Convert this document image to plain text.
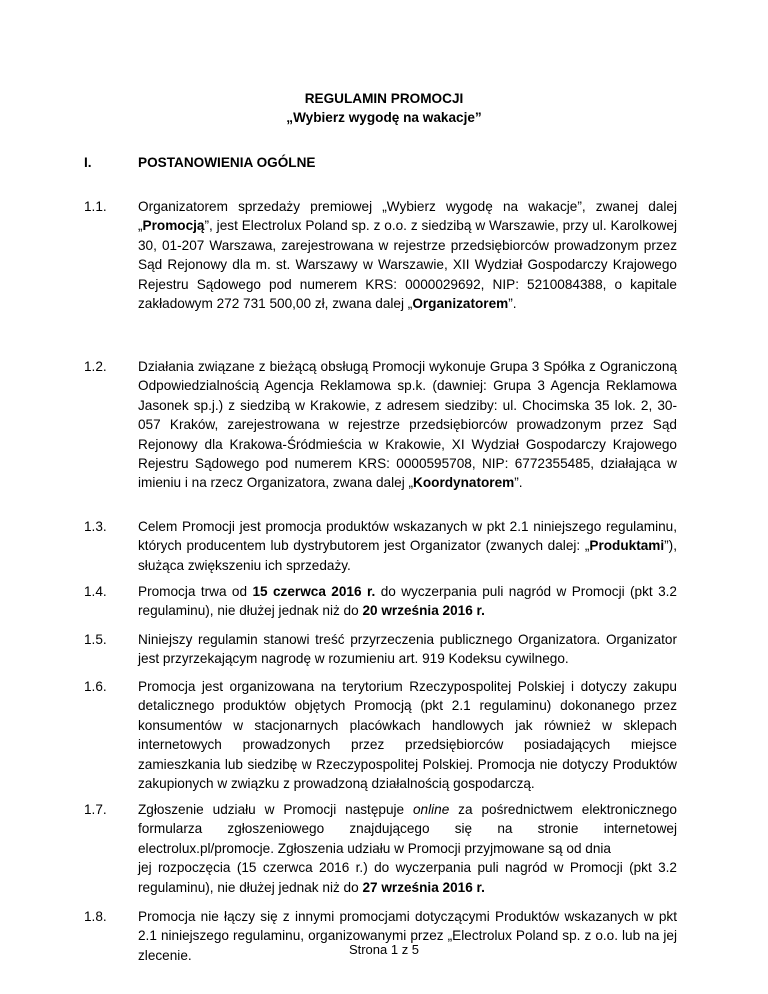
REGULAMIN PROMOCJI
„Wybierz wygodę na wakacje”
I.	POSTANOWIENIA OGÓLNE
1.1. Organizatorem sprzedaży premiowej „Wybierz wygodę na wakacje”, zwanej dalej „Promocją”, jest Electrolux Poland sp. z o.o. z siedzibą w Warszawie, przy ul. Karolkowej 30, 01-207 Warszawa, zarejestrowana w rejestrze przedsiębiorców prowadzonym przez Sąd Rejonowy dla m. st. Warszawy w Warszawie, XII Wydział Gospodarczy Krajowego Rejestru Sądowego pod numerem KRS: 0000029692, NIP: 5210084388, o kapitale zakładowym 272 731 500,00 zł, zwana dalej „Organizatorem”.
1.2. Działania związane z bieżącą obsługą Promocji wykonuje Grupa 3 Spółka z Ograniczoną Odpowiedzialnością Agencja Reklamowa sp.k. (dawniej: Grupa 3 Agencja Reklamowa Jasonek sp.j.) z siedzibą w Krakowie, z adresem siedziby: ul. Chocimska 35 lok. 2, 30-057 Kraków, zarejestrowana w rejestrze przedsiębiorców prowadzonym przez Sąd Rejonowy dla Krakowa-Śródmieścia w Krakowie, XI Wydział Gospodarczy Krajowego Rejestru Sądowego pod numerem KRS: 0000595708, NIP: 6772355485, działająca w imieniu i na rzecz Organizatora, zwana dalej „Koordynatorem”.
1.3. Celem Promocji jest promocja produktów wskazanych w pkt 2.1 niniejszego regulaminu, których producentem lub dystrybutorem jest Organizator (zwanych dalej: „Produktami”), służąca zwiększeniu ich sprzedaży.
1.4. Promocja trwa od 15 czerwca 2016 r. do wyczerpania puli nagród w Promocji (pkt 3.2 regulaminu), nie dłużej jednak niż do 20 września 2016 r.
1.5. Niniejszy regulamin stanowi treść przyrzeczenia publicznego Organizatora. Organizator jest przyrzekającym nagrodę w rozumieniu art. 919 Kodeksu cywilnego.
1.6. Promocja jest organizowana na terytorium Rzeczypospolitej Polskiej i dotyczy zakupu detalicznego produktów objętych Promocją (pkt 2.1 regulaminu) dokonanego przez konsumentów w stacjonarnych placówkach handlowych jak również w sklepach internetowych prowadzonych przez przedsiębiorców posiadających miejsce zamieszkania lub siedzibę w Rzeczypospolitej Polskiej. Promocja nie dotyczy Produktów zakupionych w związku z prowadzoną działalnością gospodarczą.
1.7. Zgłoszenie udziału w Promocji następuje online za pośrednictwem elektronicznego formularza zgłoszeniowego znajdującego się na stronie internetowej electrolux.pl/promocje. Zgłoszenia udziału w Promocji przyjmowane są od dnia
jej rozpoczęcia (15 czerwca 2016 r.) do wyczerpania puli nagród w Promocji (pkt 3.2 regulaminu), nie dłużej jednak niż do 27 września 2016 r.
1.8. Promocja nie łączy się z innymi promocjami dotyczącymi Produktów wskazanych w pkt 2.1 niniejszego regulaminu, organizowanymi przez „Electrolux Poland sp. z o.o. lub na jej zlecenie.	Strona 1 z 5
